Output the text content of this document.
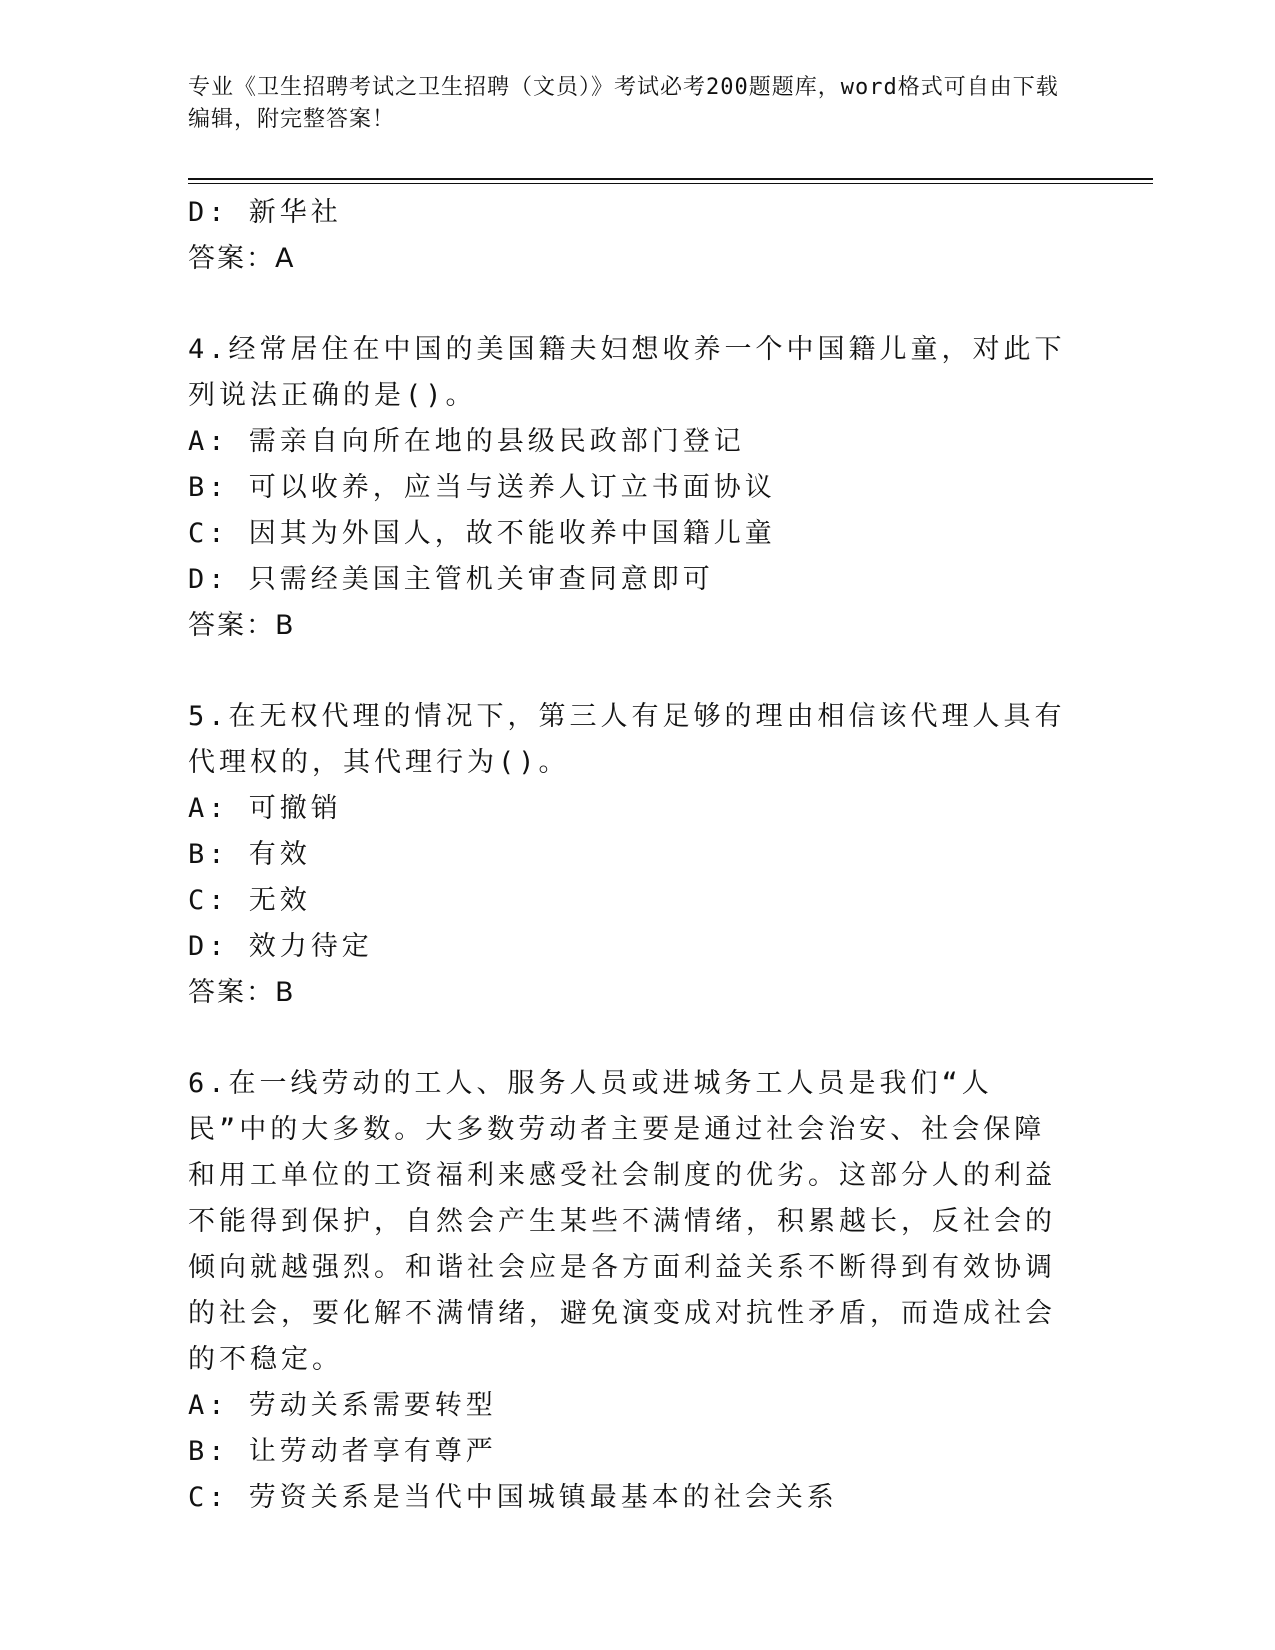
专业《卫生招聘考试之卫生招聘（文员）》考试必考200题题库，word格式可自由下载编辑，附完整答案！
D: 新华社
答案：A
4.经常居住在中国的美国籍夫妇想收养一个中国籍儿童，对此下列说法正确的是()。
A: 需亲自向所在地的县级民政部门登记
B: 可以收养，应当与送养人订立书面协议
C: 因其为外国人，故不能收养中国籍儿童
D: 只需经美国主管机关审查同意即可
答案：B
5.在无权代理的情况下，第三人有足够的理由相信该代理人具有代理权的，其代理行为()。
A: 可撤销
B: 有效
C: 无效
D: 效力待定
答案：B
6.在一线劳动的工人、服务人员或进城务工人员是我们“人民”中的大多数。大多数劳动者主要是通过社会治安、社会保障和用工单位的工资福利来感受社会制度的优劣。这部分人的利益不能得到保护，自然会产生某些不满情绪，积累越长，反社会的倾向就越强烈。和谐社会应是各方面利益关系不断得到有效协调的社会，要化解不满情绪，避免演变成对抗性矛盾，而造成社会的不稳定。
A: 劳动关系需要转型
B: 让劳动者享有尊严
C: 劳资关系是当代中国城镇最基本的社会关系
